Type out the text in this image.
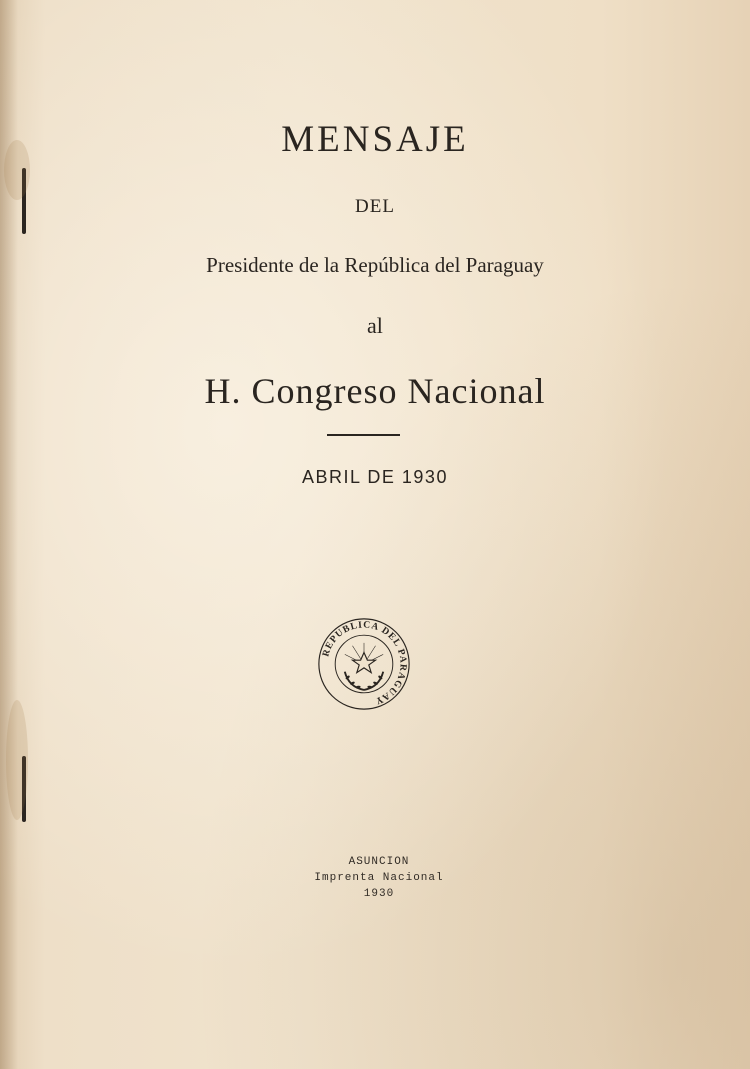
MENSAJE
DEL
Presidente de la República del Paraguay
al
H. Congreso Nacional
ABRIL DE 1930
REPUBLICA DEL PARAGUAY
ASUNCION
Imprenta Nacional
1930
